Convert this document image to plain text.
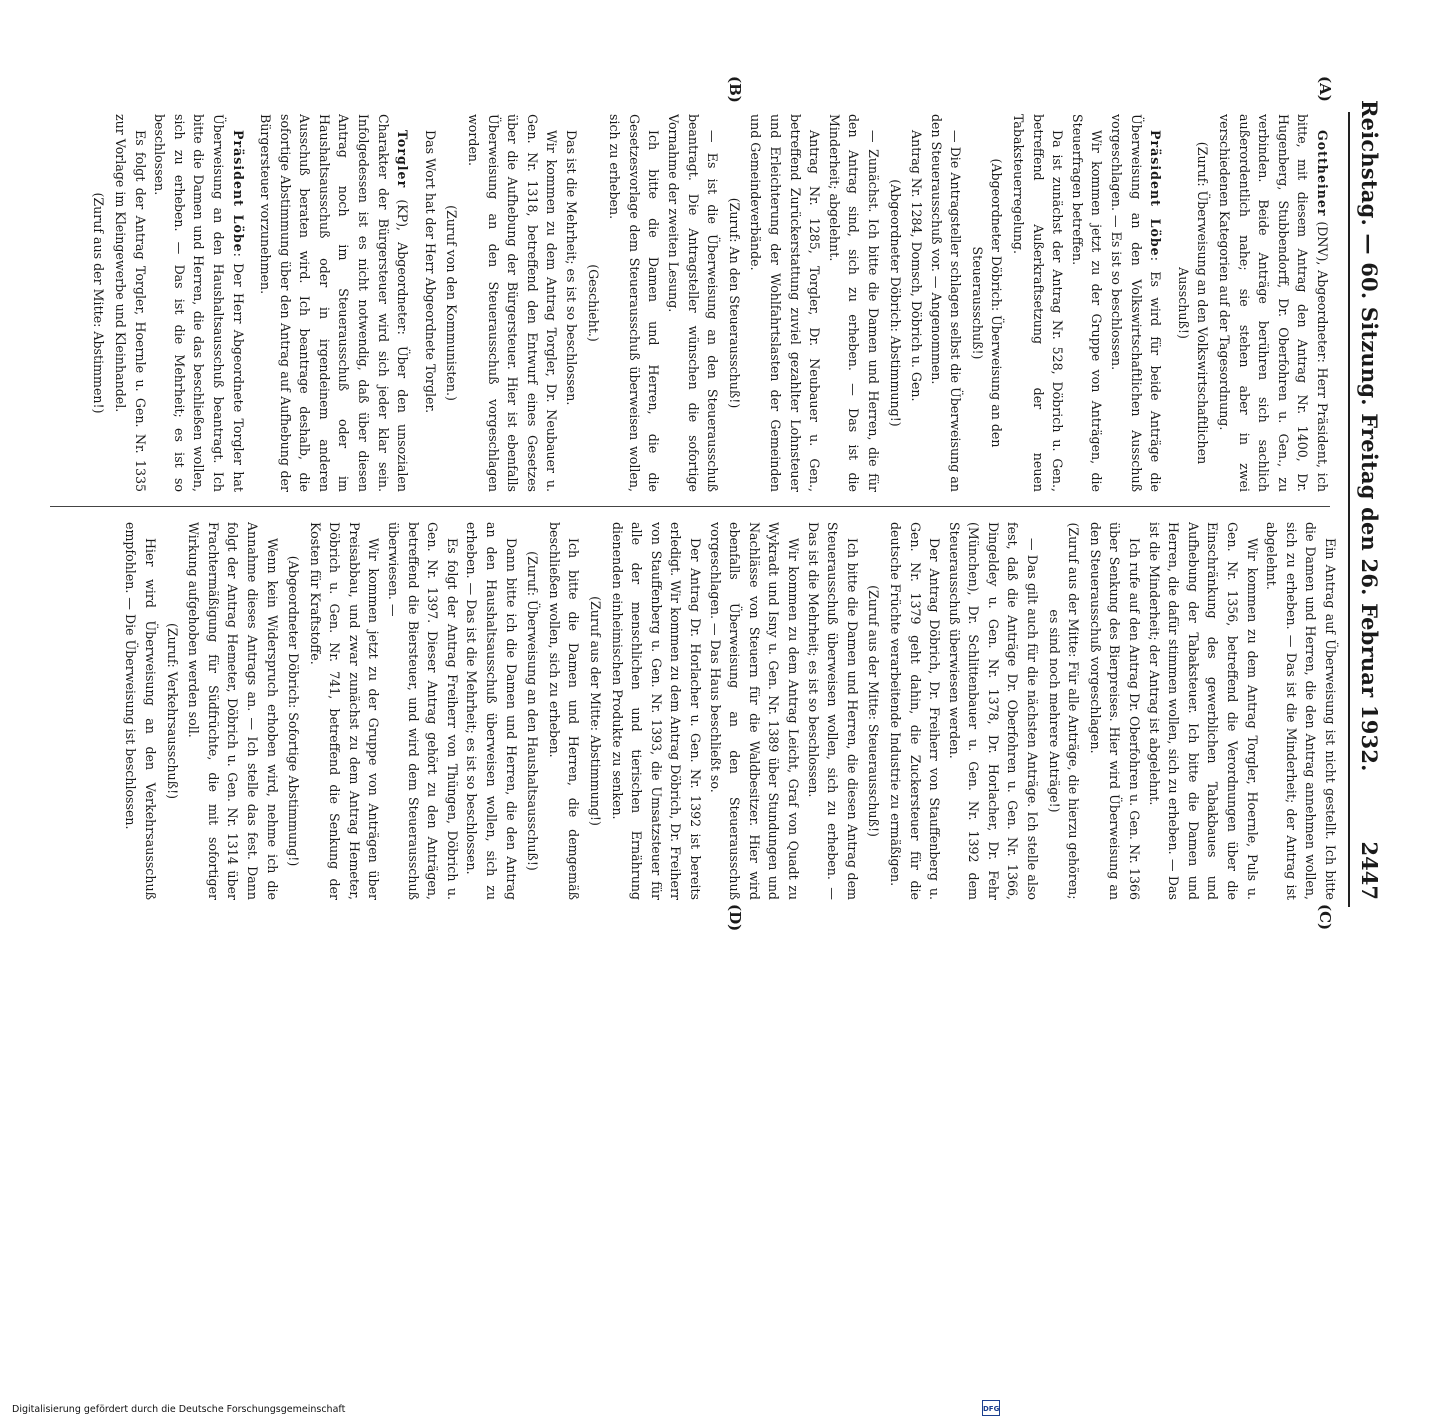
Reichstag. — 60. Sitzung. Freitag den 26. Februar 1932.
2447
(A)
(B)
(C)
(D)

Gottheiner (DNV), Abgeordneter: Herr Präsident, ich bitte, mit diesem Antrag den Antrag Nr. 1400, Dr. Hugenberg, Stubbendorff, Dr. Oberfohren u. Gen., zu verbinden. Beide Anträge berühren sich sachlich außerordentlich nahe; sie stehen aber in zwei verschiedenen Kategorien auf der Tagesordnung.

(Zuruf: Überweisung an den Volkswirtschaftlichen Ausschuß!)

Präsident Löbe: Es wird für beide Anträge die Überweisung an den Volkswirtschaftlichen Ausschuß vorgeschlagen. — Es ist so beschlossen.

Wir kommen jetzt zu der Gruppe von Anträgen, die Steuerfragen betreffen.

Da ist zunächst der Antrag Nr. 528, Döbrich u. Gen., betreffend Außerkraftsetzung der neuen Tabaksteuerregelung.

(Abgeordneter Döbrich: Überweisung an den Steuerausschuß!)

— Die Antragsteller schlagen selbst die Überweisung an den Steuerausschuß vor. — Angenommen.

Antrag Nr. 1284, Domsch, Döbrich u. Gen.

(Abgeordneter Döbrich: Abstimmung!)

— Zunächst. Ich bitte die Damen und Herren, die für den Antrag sind, sich zu erheben. — Das ist die Minderheit; abgelehnt.

Antrag Nr. 1285, Torgler, Dr. Neubauer u. Gen., betreffend Zurückerstattung zuviel gezahlter Lohnsteuer und Erleichterung der Wohlfahrtslasten der Gemeinden und Gemeindeverbände.

(Zuruf: An den Steuerausschuß!)

— Es ist die Überweisung an den Steuerausschuß beantragt. Die Antragsteller wünschen die sofortige Vornahme der zweiten Lesung.

Ich bitte die Damen und Herren, die die Gesetzesvorlage dem Steuerausschuß überweisen wollen, sich zu erheben.

(Geschieht.)

Das ist die Mehrheit; es ist so beschlossen.

Wir kommen zu dem Antrag Torgler, Dr. Neubauer u. Gen. Nr. 1318, betreffend den Entwurf eines Gesetzes über die Aufhebung der Bürgersteuer. Hier ist ebenfalls Überweisung an den Steuerausschuß vorgeschlagen worden.

(Zuruf von den Kommunisten.)

Das Wort hat der Herr Abgeordnete Torgler.

Torgler (KP), Abgeordneter: Über den unsozialen Charakter der Bürgersteuer wird sich jeder klar sein. Infolgedessen ist es nicht notwendig, daß über diesen Antrag noch im Steuerausschuß oder im Haushaltsausschuß oder in irgendeinem anderen Ausschuß beraten wird. Ich beantrage deshalb, die sofortige Abstimmung über den Antrag auf Aufhebung der Bürgersteuer vorzunehmen.

Präsident Löbe: Der Herr Abgeordnete Torgler hat Überweisung an den Haushaltsausschuß beantragt. Ich bitte die Damen und Herren, die das beschließen wollen, sich zu erheben. — Das ist die Mehrheit; es ist so beschlossen.

Es folgt der Antrag Torgler, Hoernle u. Gen. Nr. 1335 zur Vorlage im Kleingewerbe und Kleinhandel.

(Zuruf aus der Mitte: Abstimmen!)

Ein Antrag auf Überweisung ist nicht gestellt. Ich bitte die Damen und Herren, die den Antrag annehmen wollen, sich zu erheben. — Das ist die Minderheit; der Antrag ist abgelehnt.

Wir kommen zu dem Antrag Torgler, Hoernle, Puls u. Gen. Nr. 1356, betreffend die Verordnungen über die Einschränkung des gewerblichen Tabakbaues und Aufhebung der Tabaksteuer. Ich bitte die Damen und Herren, die dafür stimmen wollen, sich zu erheben. — Das ist die Minderheit; der Antrag ist abgelehnt.

Ich rufe auf den Antrag Dr. Oberfohren u. Gen. Nr. 1366 über Senkung des Bierpreises. Hier wird Überweisung an den Steuerausschuß vorgeschlagen.

(Zuruf aus der Mitte: Für alle Anträge, die hierzu gehören; es sind noch mehrere Anträge!)

— Das gilt auch für die nächsten Anträge. Ich stelle also fest, daß die Anträge Dr. Oberfohren u. Gen. Nr. 1366, Dingeldey u. Gen. Nr. 1378, Dr. Horlacher, Dr. Fehr (München), Dr. Schlittenbauer u. Gen. Nr. 1392 dem Steuerausschuß überwiesen werden.

Der Antrag Döbrich, Dr. Freiherr von Stauffenberg u. Gen. Nr. 1379 geht dahin, die Zuckersteuer für die deutsche Früchte verarbeitende Industrie zu ermäßigen.

(Zuruf aus der Mitte: Steuerausschuß!)

Ich bitte die Damen und Herren, die diesen Antrag dem Steuerausschuß überweisen wollen, sich zu erheben. — Das ist die Mehrheit; es ist so beschlossen.

Wir kommen zu dem Antrag Leicht, Graf von Quadt zu Wykradt und Isny u. Gen. Nr. 1389 über Stundungen und Nachlässe von Steuern für die Waldbesitzer. Hier wird ebenfalls Überweisung an den Steuerausschuß vorgeschlagen. — Das Haus beschließt so.

Der Antrag Dr. Horlacher u. Gen. Nr. 1392 ist bereits erledigt. Wir kommen zu dem Antrag Döbrich, Dr. Freiherr von Stauffenberg u. Gen. Nr. 1393, die Umsatzsteuer für alle der menschlichen und tierischen Ernährung dienenden einheimischen Produkte zu senken.

(Zuruf aus der Mitte: Abstimmung!)

Ich bitte die Damen und Herren, die demgemäß beschließen wollen, sich zu erheben.

(Zuruf: Überweisung an den Haushaltsausschuß!)

Dann bitte ich die Damen und Herren, die den Antrag an den Haushaltsausschuß überweisen wollen, sich zu erheben. — Das ist die Mehrheit; es ist so beschlossen.

Es folgt der Antrag Freiherr von Thüngen, Döbrich u. Gen. Nr. 1397. Dieser Antrag gehört zu den Anträgen, betreffend die Biersteuer, und wird dem Steuerausschuß überwiesen. —

Wir kommen jetzt zu der Gruppe von Anträgen über Preisabbau, und zwar zunächst zu dem Antrag Hemeter, Döbrich u. Gen. Nr. 741, betreffend die Senkung der Kosten für Kraftstoffe.

(Abgeordneter Döbrich: Sofortige Abstimmung!)

Wenn kein Widerspruch erhoben wird, nehme ich die Annahme dieses Antrags an. — Ich stelle das fest. Dann folgt der Antrag Hemeter, Döbrich u. Gen. Nr. 1314 über Frachtermäßigung für Südfrüchte, die mit sofortiger Wirkung aufgehoben werden soll.

(Zuruf: Verkehrsausschuß!)

Hier wird Überweisung an den Verkehrsausschuß empfohlen. — Die Überweisung ist beschlossen.

Digitalisierung gefördert durch die Deutsche Forschungsgemeinschaft	DFG
